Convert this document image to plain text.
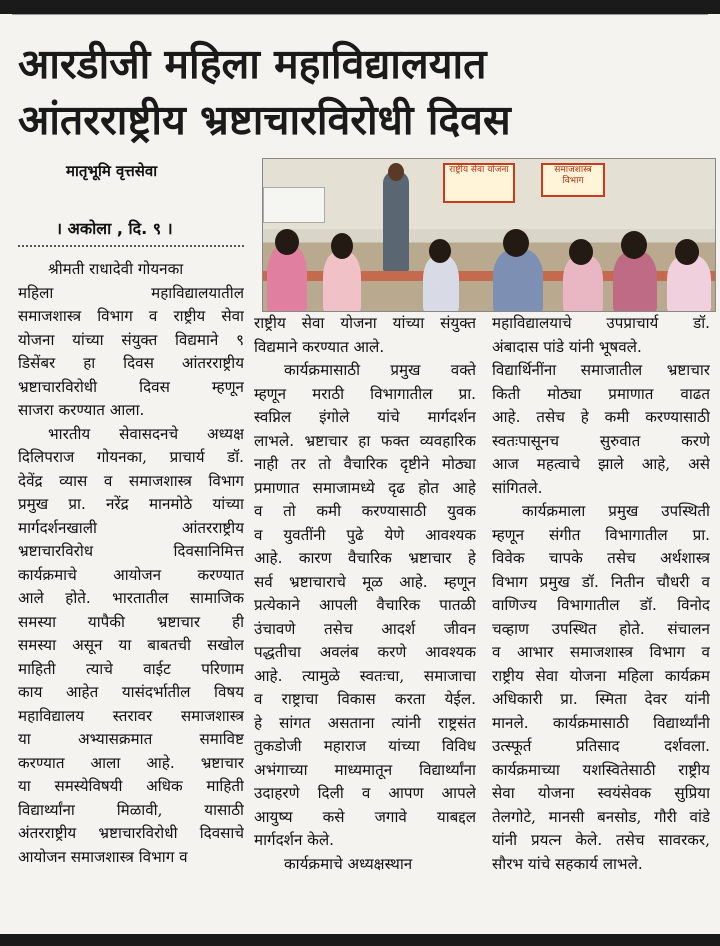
आरडीजी महिला महाविद्यालयात
आंतरराष्ट्रीय भ्रष्टाचारविरोधी दिवस
मातृभूमि वृत्तसेवा
। अकोला , दि. ९ ।
राष्ट्रीय सेवा योजना	समाजशास्त्र विभाग
श्रीमती राधादेवी गोयनका
महिला महाविद्यालयातील
समाजशास्त्र विभाग व राष्ट्रीय सेवा
योजना यांच्या संयुक्त विद्यमाने ९
डिसेंबर हा दिवस आंतरराष्ट्रीय
भ्रष्टाचारविरोधी दिवस म्हणून
साजरा करण्यात आला.
भारतीय सेवासदनचे अध्यक्ष
दिलिपराज गोयनका, प्राचार्य डॉ.
देवेंद्र व्यास व समाजशास्त्र विभाग
प्रमुख प्रा. नरेंद्र मानमोठे यांच्या
मार्गदर्शनखाली आंतरराष्ट्रीय
भ्रष्टाचारविरोध दिवसानिमित्त
कार्यक्रमाचे आयोजन करण्यात
आले होते. भारतातील सामाजिक
समस्या यापैकी भ्रष्टाचार ही
समस्या असून या बाबतची सखोल
माहिती त्याचे वाईट परिणाम
काय आहेत यासंदर्भातील विषय
महाविद्यालय स्तरावर समाजशास्त्र
या अभ्यासक्रमात समाविष्ट
करण्यात आला आहे. भ्रष्टाचार
या समस्येविषयी अधिक माहिती
विद्यार्थ्यांना मिळावी, यासाठी
अंतरराष्ट्रीय भ्रष्टाचारविरोधी दिवसाचे
आयोजन समाजशास्त्र विभाग व
राष्ट्रीय सेवा योजना यांच्या संयुक्त
विद्यमाने करण्यात आले.
कार्यक्रमासाठी प्रमुख वक्ते
म्हणून मराठी विभागातील प्रा.
स्वप्निल इंगोले यांचे मार्गदर्शन
लाभले. भ्रष्टाचार हा फक्त व्यवहारिक
नाही तर तो वैचारिक दृष्टीने मोठ्या
प्रमाणात समाजामध्ये दृढ होत आहे
व तो कमी करण्यासाठी युवक
व युवतींनी पुढे येणे आवश्यक
आहे. कारण वैचारिक भ्रष्टाचार हे
सर्व भ्रष्टाचाराचे मूळ आहे. म्हणून
प्रत्येकाने आपली वैचारिक पातळी
उंचावणे तसेच आदर्श जीवन
पद्धतीचा अवलंब करणे आवश्यक
आहे. त्यामुळे स्वतःचा, समाजाचा
व राष्ट्राचा विकास करता येईल.
हे सांगत असताना त्यांनी राष्ट्रसंत
तुकडोजी महाराज यांच्या विविध
अभंगाच्या माध्यमातून विद्यार्थ्यांना
उदाहरणे दिली व आपण आपले
आयुष्य कसे जगावे याबद्दल
मार्गदर्शन केले.
कार्यक्रमाचे अध्यक्षस्थान
महाविद्यालयाचे उपप्राचार्य डॉ.
अंबादास पांडे यांनी भूषवले.
विद्यार्थिनींना समाजातील भ्रष्टाचार
किती मोठ्या प्रमाणात वाढत
आहे. तसेच हे कमी करण्यासाठी
स्वतःपासूनच सुरुवात करणे
आज महत्वाचे झाले आहे, असे
सांगितले.
कार्यक्रमाला प्रमुख उपस्थिती
म्हणून संगीत विभागातील प्रा.
विवेक चापके तसेच अर्थशास्त्र
विभाग प्रमुख डॉ. नितीन चौधरी व
वाणिज्य विभागातील डॉ. विनोद
चव्हाण उपस्थित होते. संचालन
व आभार समाजशास्त्र विभाग व
राष्ट्रीय सेवा योजना महिला कार्यक्रम
अधिकारी प्रा. स्मिता देवर यांनी
मानले. कार्यक्रमासाठी विद्यार्थ्यांनी
उत्स्फूर्त प्रतिसाद दर्शवला.
कार्यक्रमाच्या यशस्वितेसाठी राष्ट्रीय
सेवा योजना स्वयंसेवक सुप्रिया
तेलगोटे, मानसी बनसोड, गौरी वांडे
यांनी प्रयत्न केले. तसेच सावरकर,
सौरभ यांचे सहकार्य लाभले.
